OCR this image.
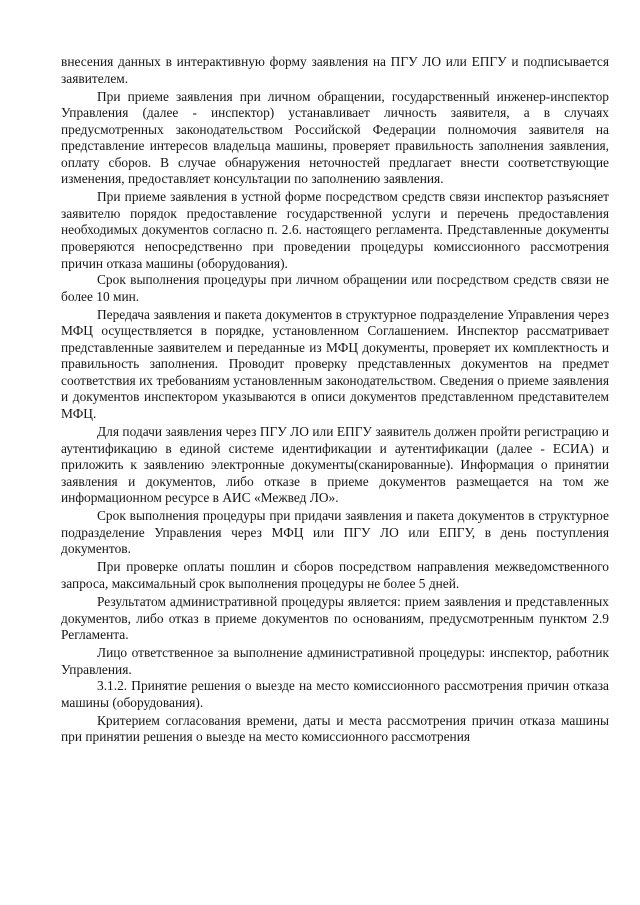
внесения данных в интерактивную форму заявления на ПГУ ЛО или ЕПГУ и подписывается заявителем.

При приеме заявления при личном обращении, государственный инженер-инспектор Управления (далее - инспектор) устанавливает личность заявителя, а в случаях предусмотренных законодательством Российской Федерации полномочия заявителя на представление интересов владельца машины, проверяет правильность заполнения заявления, оплату сборов. В случае обнаружения неточностей предлагает внести соответствующие изменения, предоставляет консультации по заполнению заявления.

При приеме заявления в устной форме посредством средств связи инспектор разъясняет заявителю порядок предоставление государственной услуги и перечень предоставления необходимых документов согласно п. 2.6. настоящего регламента. Представленные документы проверяются непосредственно при проведении процедуры комиссионного рассмотрения причин отказа машины (оборудования).

Срок выполнения процедуры при личном обращении или посредством средств связи не более 10 мин.

Передача заявления и пакета документов в структурное подразделение Управления через МФЦ осуществляется в порядке, установленном Соглашением. Инспектор рассматривает представленные заявителем и переданные из МФЦ документы, проверяет их комплектность и правильность заполнения. Проводит проверку представленных документов на предмет соответствия их требованиям установленным законодательством. Сведения о приеме заявления и документов инспектором указываются в описи документов представленном представителем МФЦ.

Для подачи заявления через ПГУ ЛО или ЕПГУ заявитель должен пройти регистрацию и аутентификацию в единой системе идентификации и аутентификации (далее - ЕСИА) и приложить к заявлению электронные документы(сканированные). Информация о принятии заявления и документов, либо отказе в приеме документов размещается на том же информационном ресурсе в АИС «Межвед ЛО».

Срок выполнения процедуры при придачи заявления и пакета документов в структурное подразделение Управления через МФЦ или ПГУ ЛО или ЕПГУ, в день поступления документов.

При проверке оплаты пошлин и сборов посредством направления межведомственного запроса, максимальный срок выполнения процедуры не более 5 дней.

Результатом административной процедуры является: прием заявления и представленных документов, либо отказ в приеме документов по основаниям, предусмотренным пунктом 2.9 Регламента.

Лицо ответственное за выполнение административной процедуры: инспектор, работник Управления.

3.1.2. Принятие решения о выезде на место комиссионного рассмотрения причин отказа машины (оборудования).

Критерием согласования времени, даты и места рассмотрения причин отказа машины при принятии решения о выезде на место комиссионного рассмотрения
